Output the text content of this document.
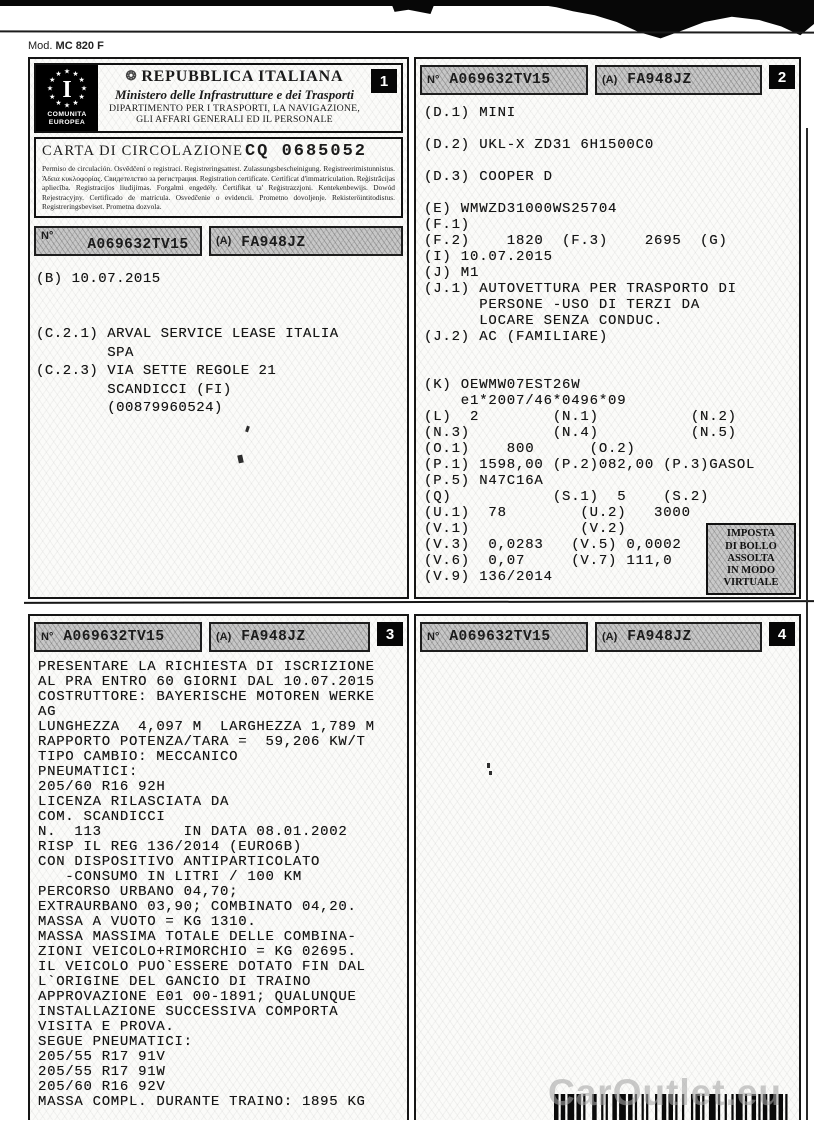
Mod. MC 820 F
★ ★
★
★
★
★
★
★
★
★
★
★
I
COMUNITA
EUROPEA
❂ REPUBBLICA ITALIANA
Ministero delle Infrastrutture e dei Trasporti
DIPARTIMENTO PER I TRASPORTI, LA NAVIGAZIONE,
GLI AFFARI GENERALI ED IL PERSONALE
1
CARTA DI CIRCOLAZIONE CQ 0685052
Permiso de circulación. Osvědčení o registraci. Registreringsattest. Zulassungsbescheinigung. Registreerimistunnistus. Άδεια κυκλοφορίας. Свидетелство за регистрация. Registration certificate. Certificat d'immatriculation. Reģistrācijas apliecība. Registracijos liudijimas. Forgalmi engedély. Ċertifikat ta' Reġistrazzjoni. Kentekenbewijs. Dowód Rejestracyjny. Certificado de matrícula. Osvedčenie o evidencii. Prometno dovoljenje. Rekisteröintitodistus. Registreringsbeviset. Prometna dozvola.
N°
A069632TV15 (A) FA948JZ
(B) 10.07.2015

(C.2.1) ARVAL SERVICE LEASE ITALIA
SPA
(C.2.3) VIA SETTE REGOLE 21
SCANDICCI (FI)
(00879960524)
N° A069632TV15	(A) FA948JZ	2
(D.1) MINI

(D.2) UKL-X ZD31 6H1500C0

(D.3) COOPER D

(E) WMWZD31000WS25704
(F.1)
(F.2)    1820  (F.3)    2695  (G)
(I) 10.07.2015
(J) M1
(J.1) AUTOVETTURA PER TRASPORTO DI
PERSONE -USO DI TERZI DA
LOCARE SENZA CONDUC.
(J.2) AC (FAMILIARE)

(K) OEWMW07EST26W
e1*2007/46*0496*09
(L)  2        (N.1)          (N.2)
(N.3)         (N.4)          (N.5)
(O.1)    800      (O.2)
(P.1) 1598,00 (P.2)082,00 (P.3)GASOL
(P.5) N47C16A
(Q)           (S.1)  5    (S.2)
(U.1)  78        (U.2)   3000
(V.1)            (V.2)
(V.3)  0,0283   (V.5) 0,0002
(V.6)  0,07     (V.7) 111,0
(V.9) 136/2014
IMPOSTA
DI BOLLO
ASSOLTA
IN MODO
VIRTUALE
N° A069632TV15	(A) FA948JZ	3
PRESENTARE LA RICHIESTA DI ISCRIZIONE
AL PRA ENTRO 60 GIORNI DAL 10.07.2015
COSTRUTTORE: BAYERISCHE MOTOREN WERKE
AG
LUNGHEZZA  4,097 M  LARGHEZZA 1,789 M
RAPPORTO POTENZA/TARA =  59,206 KW/T
TIPO CAMBIO: MECCANICO
PNEUMATICI:
205/60 R16 92H
LICENZA RILASCIATA DA
COM. SCANDICCI
N.  113         IN DATA 08.01.2002
RISP IL REG 136/2014 (EURO6B)
CON DISPOSITIVO ANTIPARTICOLATO
-CONSUMO IN LITRI / 100 KM
PERCORSO URBANO 04,70;
EXTRAURBANO 03,90; COMBINATO 04,20.
MASSA A VUOTO = KG 1310.
MASSA MASSIMA TOTALE DELLE COMBINA-
ZIONI VEICOLO+RIMORCHIO = KG 02695.
IL VEICOLO PUO`ESSERE DOTATO FIN DAL
L`ORIGINE DEL GANCIO DI TRAINO
APPROVAZIONE E01 00-1891; QUALUNQUE
INSTALLAZIONE SUCCESSIVA COMPORTA
VISITA E PROVA.
SEGUE PNEUMATICI:
205/55 R17 91V
205/55 R17 91W
205/60 R16 92V
MASSA COMPL. DURANTE TRAINO: 1895 KG
N° A069632TV15	(A) FA948JZ	4
CarOutlet.eu
